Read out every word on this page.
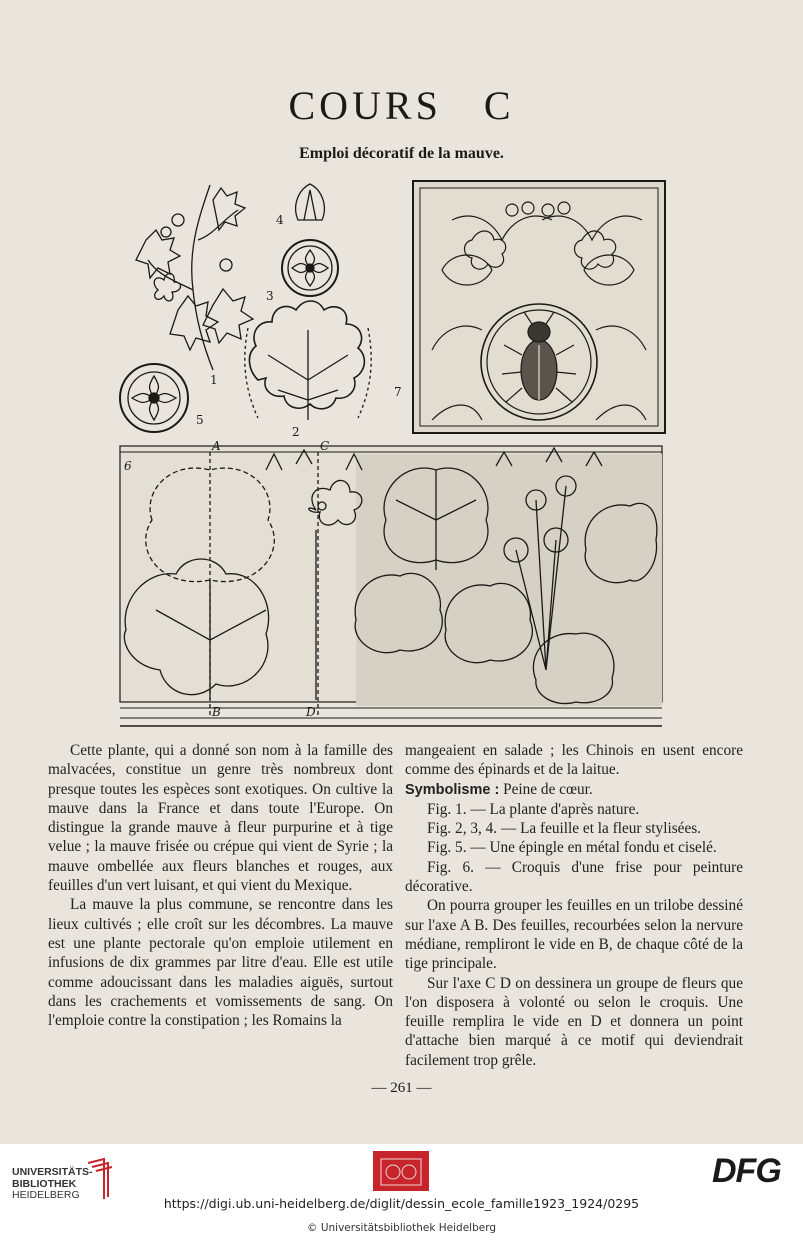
COURS C
Emploi décoratif de la mauve.
4
3
1
2
5
7
6
A	C
B	D

Cette plante, qui a donné son nom à la famille des malvacées, constitue un genre très nombreux dont presque toutes les espèces sont exotiques. On cultive la mauve dans la France et dans toute l'Europe. On distingue la grande mauve à fleur purpurine et à tige velue ; la mauve frisée ou crépue qui vient de Syrie ; la mauve ombellée aux fleurs blanches et rouges, aux feuilles d'un vert luisant, et qui vient du Mexique.

La mauve la plus commune, se rencontre dans les lieux cultivés ; elle croît sur les décombres. La mauve est une plante pectorale qu'on emploie utilement en infusions de dix grammes par litre d'eau. Elle est utile comme adoucissant dans les maladies aiguës, surtout dans les crachements et vomissements de sang. On l'emploie contre la constipation ; les Romains la

mangeaient en salade ; les Chinois en usent encore comme des épinards et de la laitue.

Symbolisme : Peine de cœur.

Fig. 1. — La plante d'après nature.

Fig. 2, 3, 4. — La feuille et la fleur stylisées.

Fig. 5. — Une épingle en métal fondu et ciselé.

Fig. 6. — Croquis d'une frise pour peinture décorative.

On pourra grouper les feuilles en un trilobe dessiné sur l'axe A B. Des feuilles, recourbées selon la nervure médiane, rempliront le vide en B, de chaque côté de la tige principale.

Sur l'axe C D on dessinera un groupe de fleurs que l'on disposera à volonté ou selon le croquis. Une feuille remplira le vide en D et donnera un point d'attache bien marqué à ce motif qui deviendrait facilement trop grêle.

— 261 —
UNIVERSITÄTS-
BIBLIOTHEK
HEIDELBERG
DFG
https://digi.ub.uni-heidelberg.de/diglit/dessin_ecole_famille1923_1924/0295
© Universitätsbibliothek Heidelberg
